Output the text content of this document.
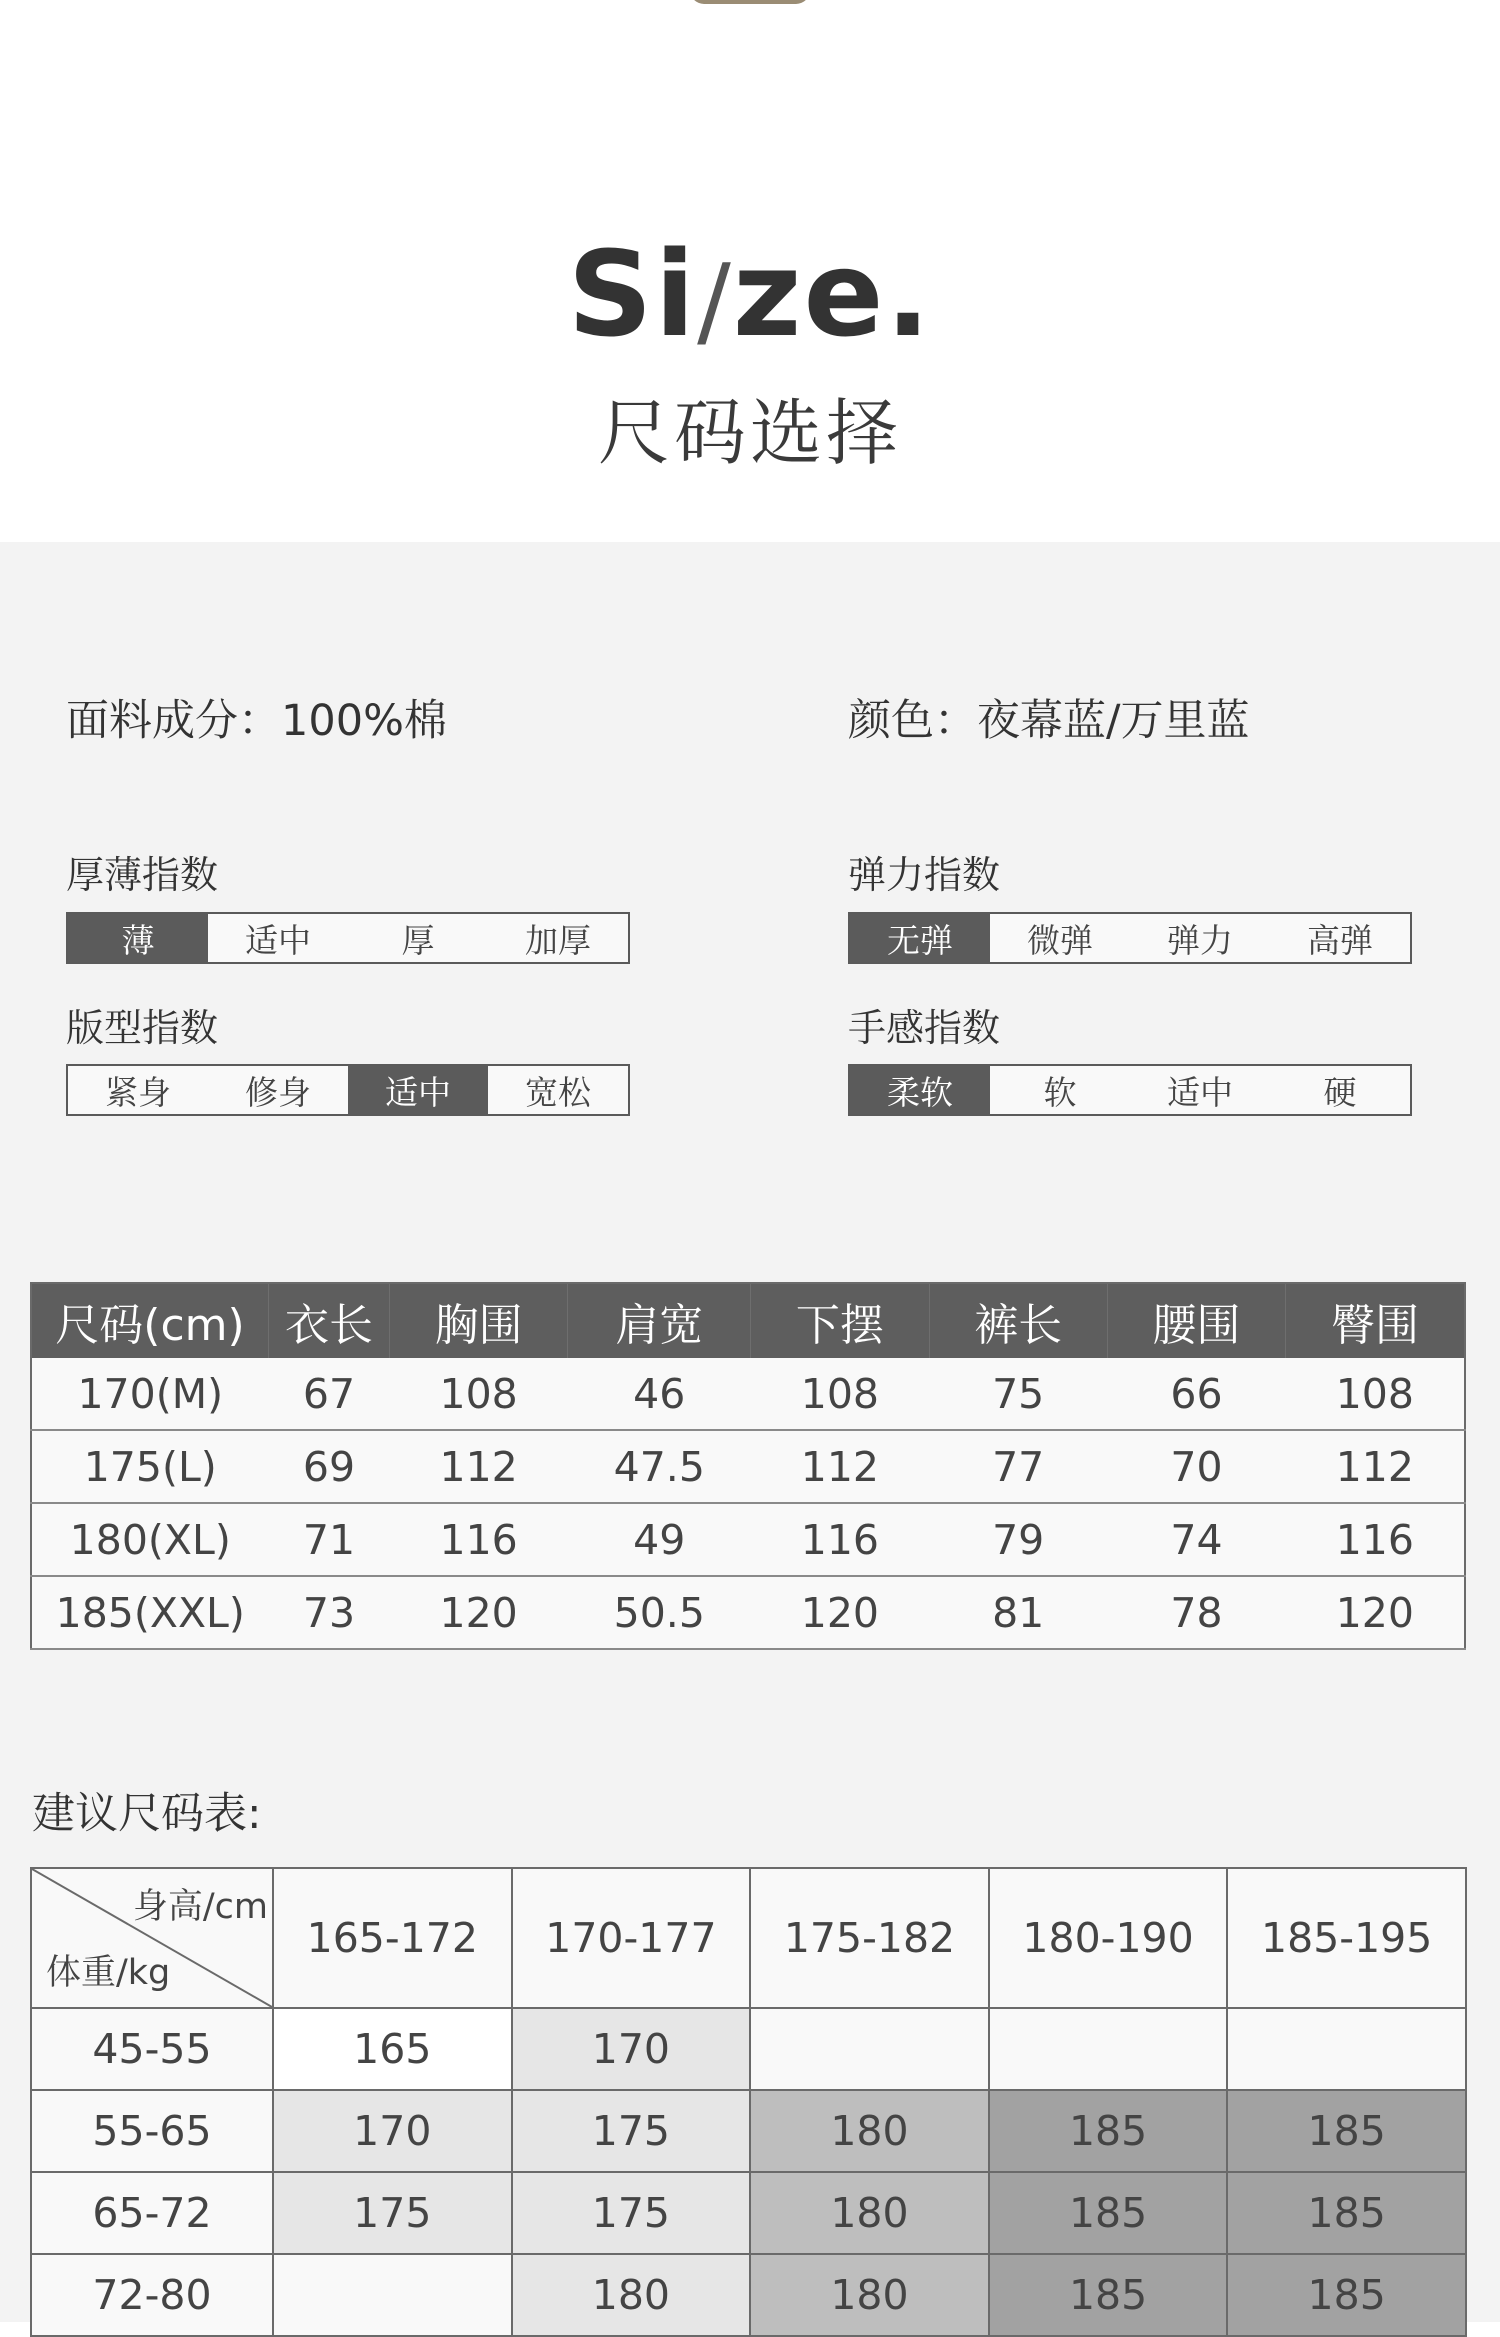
Si/ze.
尺码选择
面料成分：100%棉	颜色：夜幕蓝/万里蓝
厚薄指数
薄	适中	厚	加厚
弹力指数
无弹	微弹	弹力	高弹
版型指数
紧身	修身	适中	宽松
手感指数
柔软	软	适中	硬
尺码(cm)	衣长	胸围	肩宽	下摆	裤长	腰围	臀围
170(M)	67	108	46	108	75	66	108
175(L)	69	112	47.5	112	77	70	112
180(XL)	71	116	49	116	79	74	116
185(XXL)	73	120	50.5	120	81	78	120
建议尺码表:
身高/cm
体重/kg	165-172	170-177	175-182	180-190	185-195
45-55	165	170			
55-65	170	175	180	185	185
65-72	175	175	180	185	185
72-80		180	180	185	185
